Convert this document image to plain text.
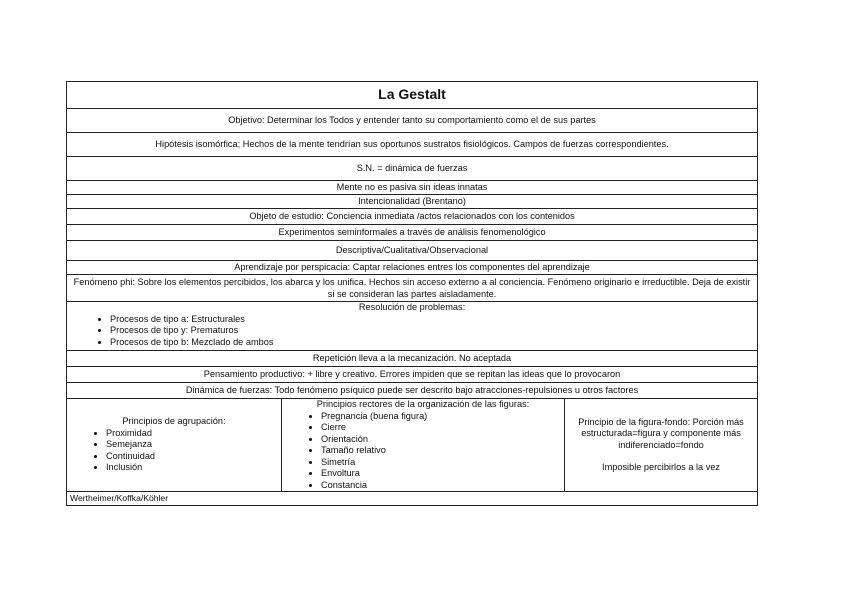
La Gestalt
Objetivo: Determinar los Todos y entender tanto su comportamiento como el de sus partes
Hipótesis isomórfica; Hechos de la mente tendrían sus oportunos sustratos fisiológicos. Campos de fuerzas correspondientes.
S.N. = dinámica de fuerzas
Mente no es pasiva sin ideas innatas
Intencionalidad (Brentano)
Objeto de estudio: Conciencia inmediata /actos relacionados con los contenidos
Experimentos seminformales a través de análisis fenomenológico
Descriptiva/Cualitativa/Observacional
Aprendizaje por perspicacia: Captar relaciones entres los componentes del aprendizaje
Fenómeno phi: Sobre los elementos percibidos, los abarca y los unifica. Hechos sin acceso externo a al conciencia. Fenómeno originario e irreductible. Deja de existir si se consideran las partes aisladamente.

Resolución de problemas:
• Procesos de tipo a: Estructurales
• Procesos de tipo y: Prematuros
• Procesos de tipo b: Mezclado de ambos

Repetición lleva a la mecanización. No aceptada
Pensamiento productivo: + libre y creativo. Errores impiden que se repitan las ideas que lo provocaron
Dinámica de fuerzas: Todo fenómeno psíquico puede ser descrito bajo atracciones-repulsiones u otros factores

Principios de agrupación:
• Proximidad
• Semejanza
• Continuidad
• Inclusión

Principios rectores de la organización de las figuras:
• Pregnancia (buena figura)
• Cierre
• Orientación
• Tamaño relativo
• Simetría
• Envoltura
• Constancia

Principio de la figura-fondo: Porción más estructurada=figura y componente más indiferenciado=fondo
Imposible percibirlos a la vez

Wertheimer/Koffka/Köhler
